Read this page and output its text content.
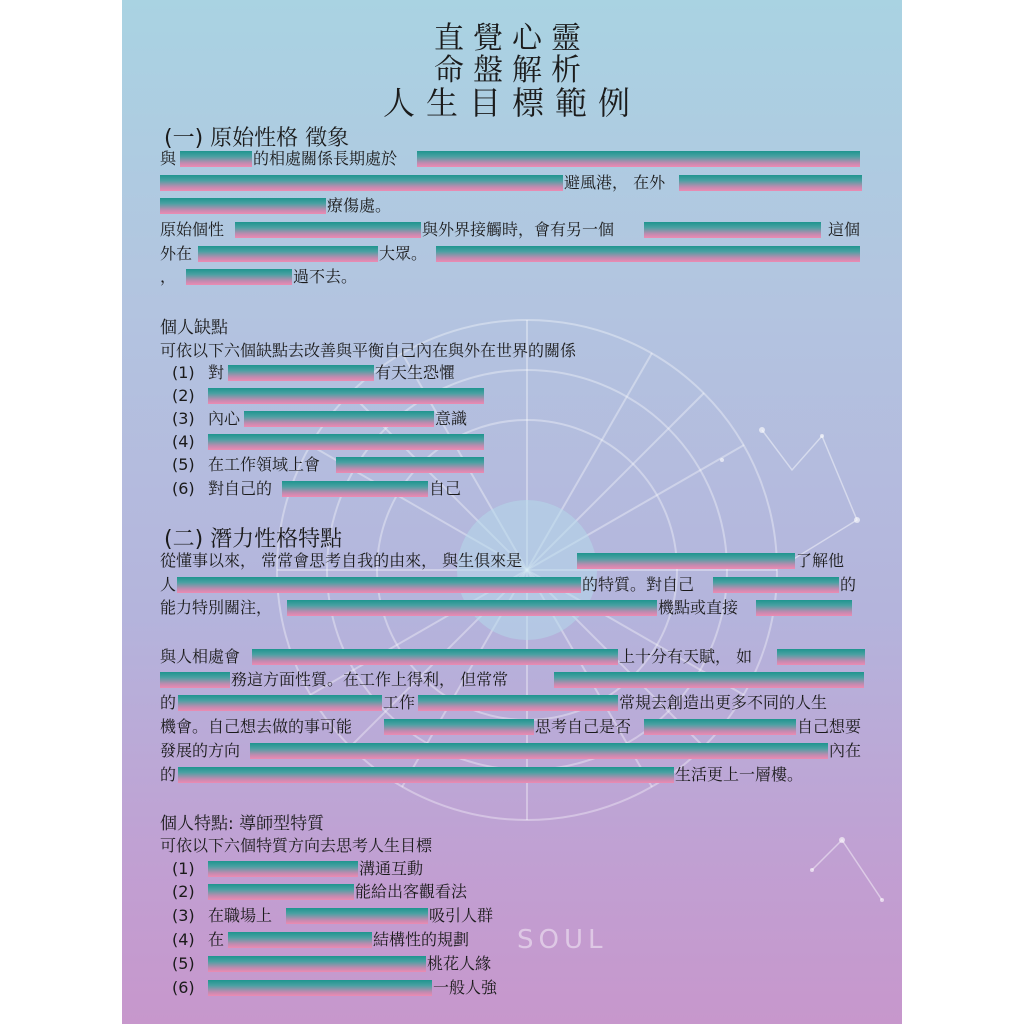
直覺心靈
命盤解析
人生目標範例
(一) 原始性格 徵象
與	的相處關係長期處於
避風港， 在外
療傷處。
原始個性	與外界接觸時，會有另一個	這個
外在	大眾。
，	過不去。
個人缺點
可依以下六個缺點去改善與平衡自己內在與外在世界的關係
(1) 對	有天生恐懼
(2)
(3) 內心	意識
(4)
(5) 在工作領域上會
(6) 對自己的	自己
(二) 潛力性格特點
從懂事以來， 常常會思考自我的由來， 與生俱來是	了解他
人	的特質。對自己	的
能力特別關注，	機點或直接
與人相處會	上十分有天賦， 如
務這方面性質。在工作上得利， 但常常
的	工作	常規去創造出更多不同的人生
機會。自己想去做的事可能	思考自己是否	自己想要
發展的方向	內在
的	生活更上一層樓。
個人特點: 導師型特質
可依以下六個特質方向去思考人生目標
(1)	溝通互動
(2)	能給出客觀看法
(3) 在職場上	吸引人群
(4) 在	結構性的規劃
(5)	桃花人緣
(6)	一般人強
SOUL
